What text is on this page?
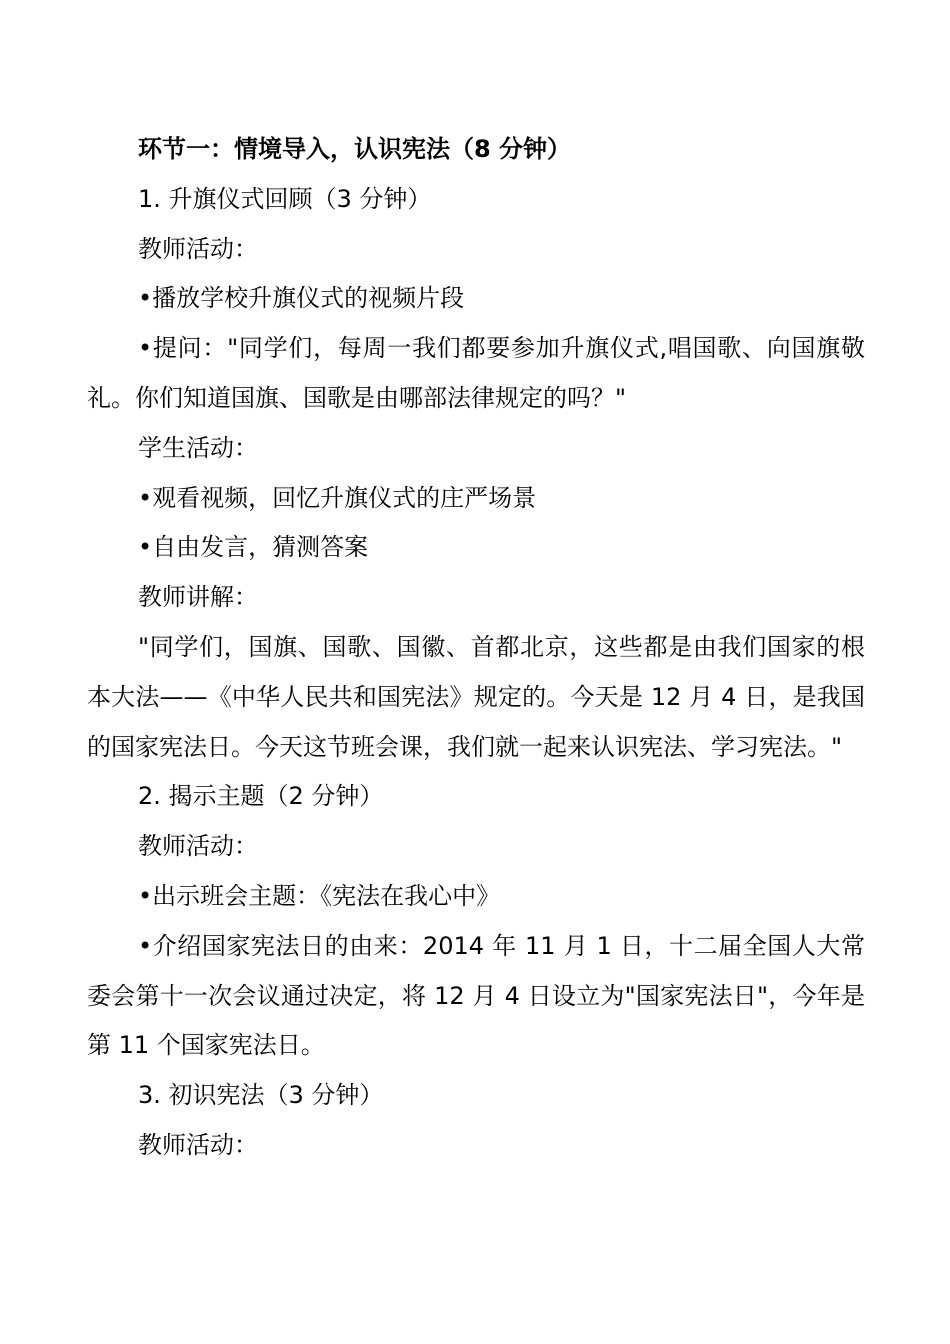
环节一：情境导入，认识宪法（8 分钟）

1. 升旗仪式回顾（3 分钟）

教师活动：

•播放学校升旗仪式的视频片段

•提问："同学们，每周一我们都要参加升旗仪式,唱国歌、向国旗敬礼。你们知道国旗、国歌是由哪部法律规定的吗？"

学生活动：

•观看视频，回忆升旗仪式的庄严场景

•自由发言，猜测答案

教师讲解：

"同学们，国旗、国歌、国徽、首都北京，这些都是由我们国家的根本大法——《中华人民共和国宪法》规定的。今天是 12 月 4 日，是我国的国家宪法日。今天这节班会课，我们就一起来认识宪法、学习宪法。"

2. 揭示主题（2 分钟）

教师活动：

•出示班会主题：《宪法在我心中》

•介绍国家宪法日的由来：2014 年 11 月 1 日，十二届全国人大常委会第十一次会议通过决定，将 12 月 4 日设立为"国家宪法日"，今年是第 11 个国家宪法日。

3. 初识宪法（3 分钟）

教师活动：
